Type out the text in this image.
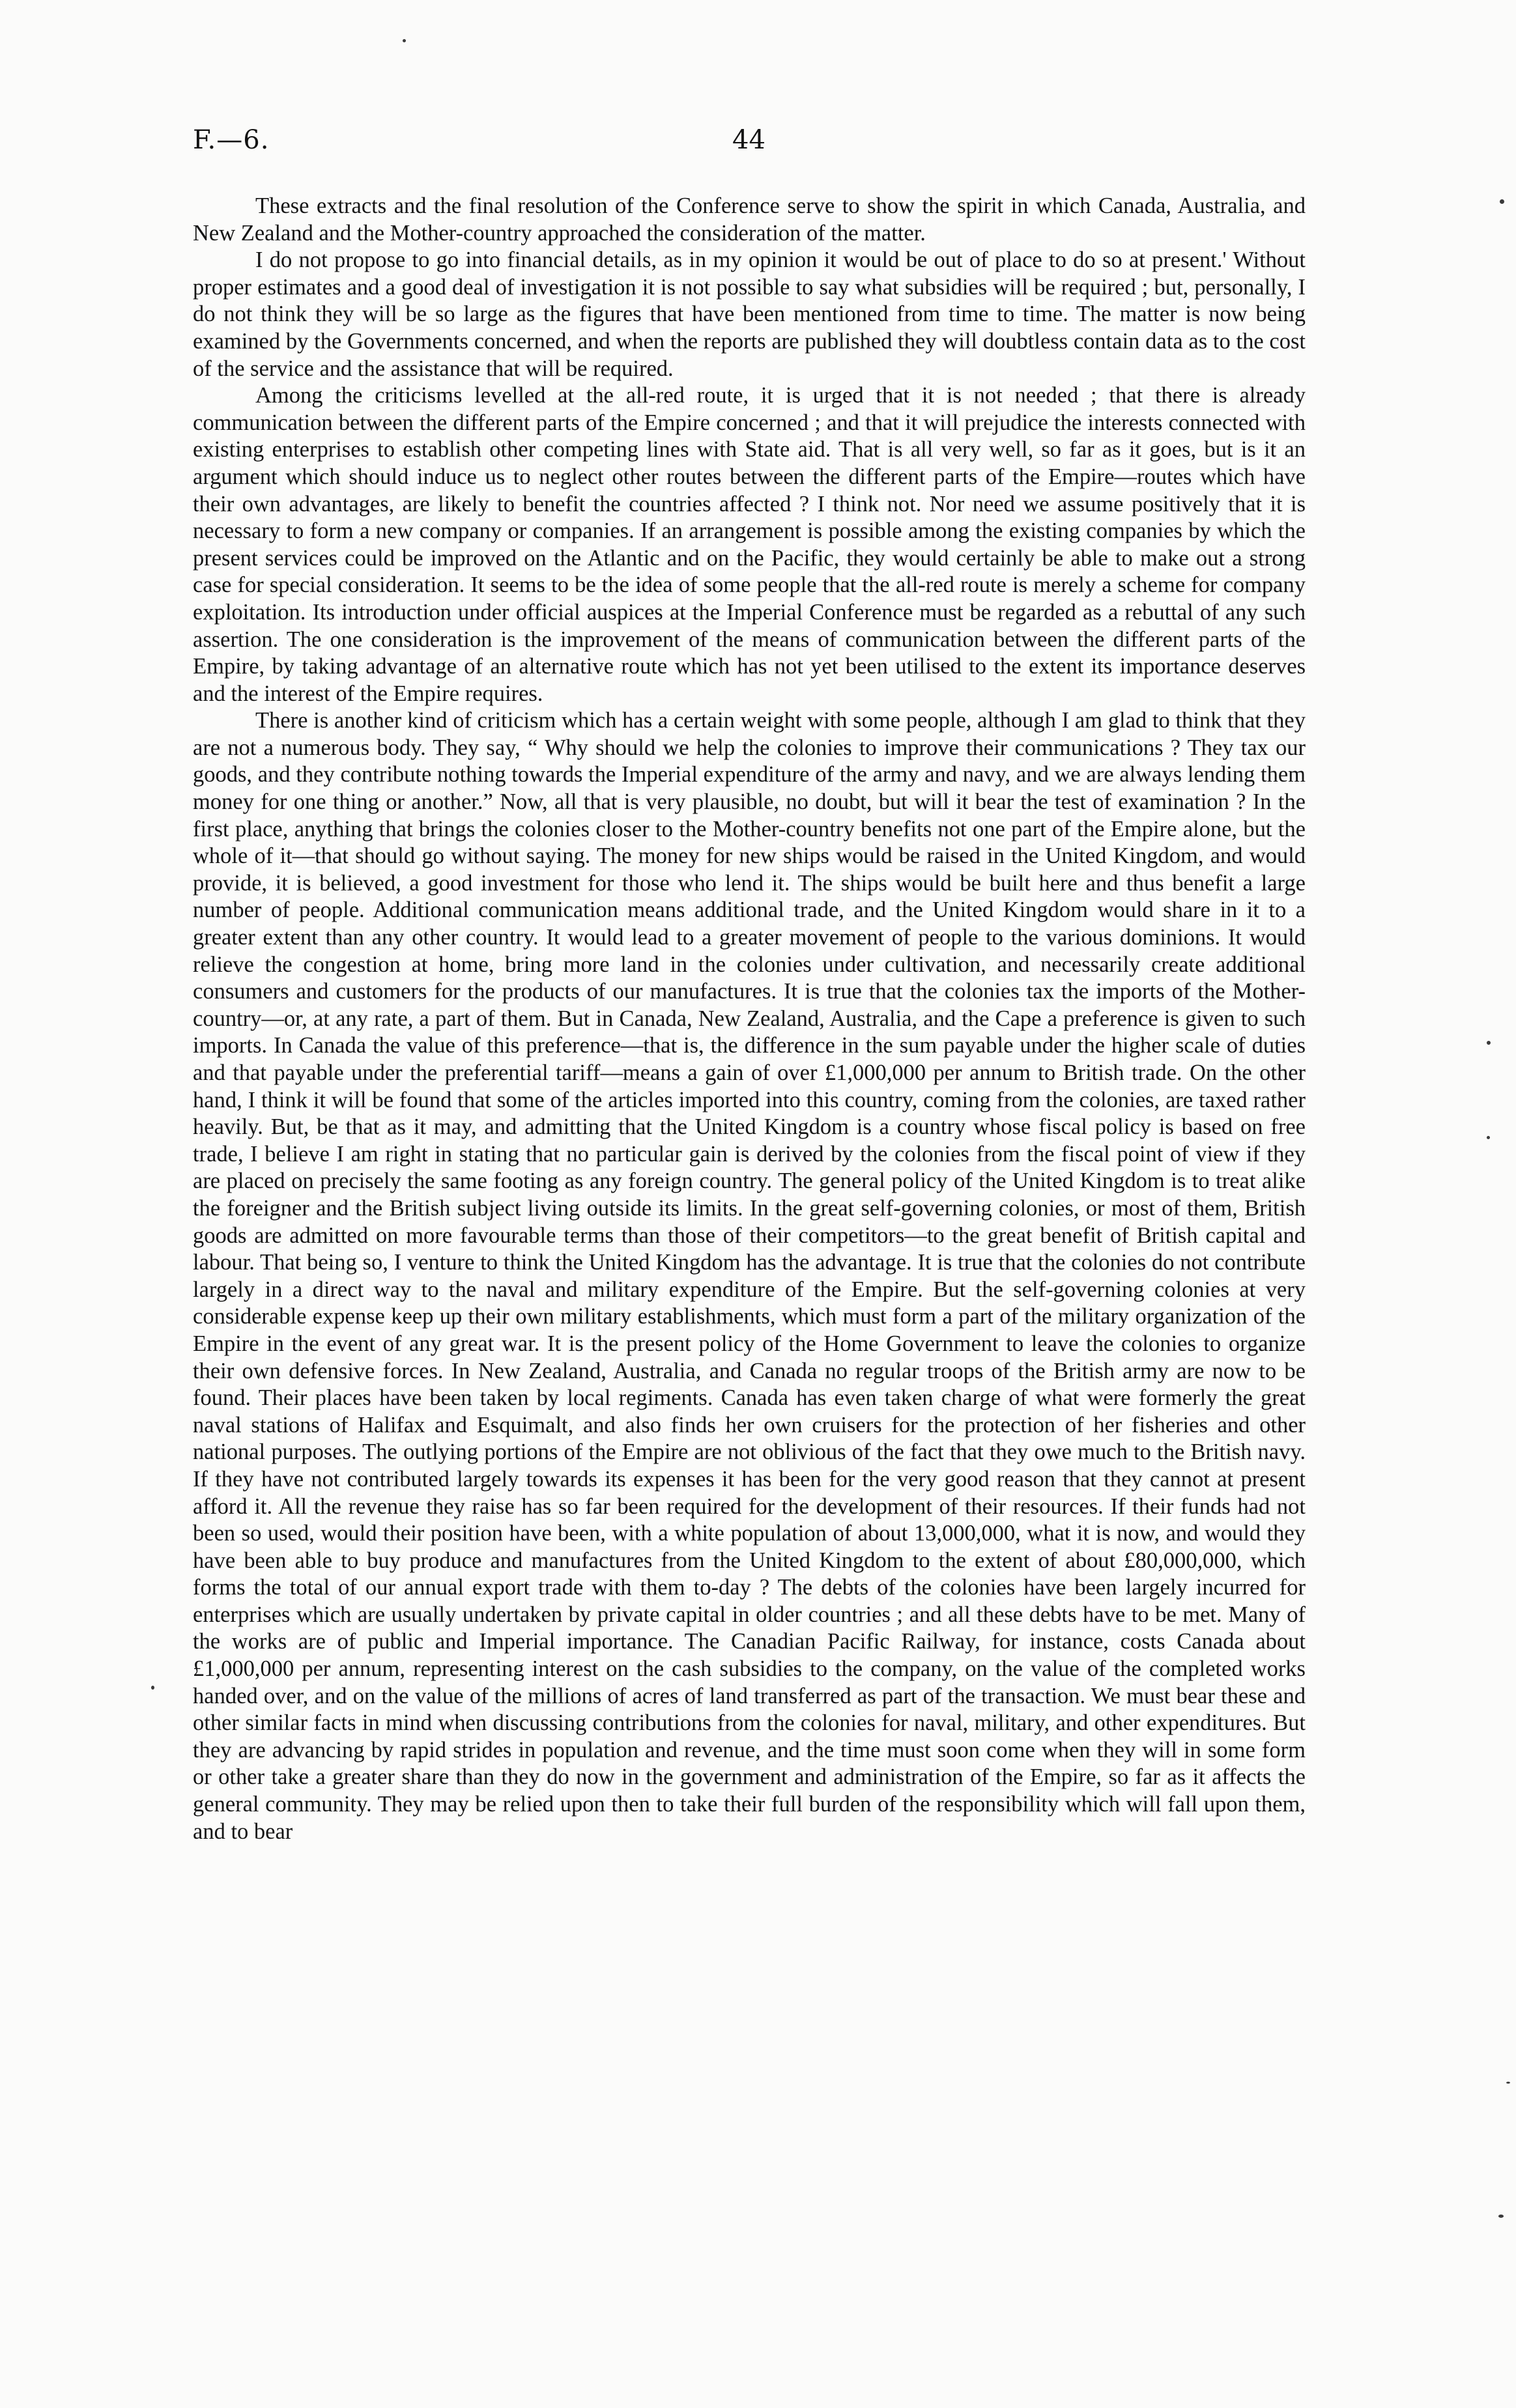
F.—6.	44

These extracts and the final resolution of the Conference serve to show the spirit in which Canada, Australia, and New Zealand and the Mother-country approached the consideration of the matter.

I do not propose to go into financial details, as in my opinion it would be out of place to do so at present.' Without proper estimates and a good deal of investigation it is not possible to say what subsidies will be required ; but, personally, I do not think they will be so large as the figures that have been mentioned from time to time. The matter is now being examined by the Governments concerned, and when the reports are published they will doubtless contain data as to the cost of the service and the assistance that will be required.

Among the criticisms levelled at the all-red route, it is urged that it is not needed ; that there is already communication between the different parts of the Empire concerned ; and that it will prejudice the interests connected with existing enterprises to establish other competing lines with State aid. That is all very well, so far as it goes, but is it an argument which should induce us to neglect other routes between the different parts of the Empire—routes which have their own advantages, are likely to benefit the countries affected ? I think not. Nor need we assume positively that it is necessary to form a new company or companies. If an arrangement is possible among the existing companies by which the present services could be improved on the Atlantic and on the Pacific, they would certainly be able to make out a strong case for special consideration. It seems to be the idea of some people that the all-red route is merely a scheme for company exploitation. Its introduction under official auspices at the Imperial Conference must be regarded as a rebuttal of any such assertion. The one consideration is the improvement of the means of communication between the different parts of the Empire, by taking advantage of an alternative route which has not yet been utilised to the extent its importance deserves and the interest of the Empire requires.

There is another kind of criticism which has a certain weight with some people, although I am glad to think that they are not a numerous body. They say, “ Why should we help the colonies to improve their communications ? They tax our goods, and they contribute nothing towards the Imperial expenditure of the army and navy, and we are always lending them money for one thing or another.” Now, all that is very plausible, no doubt, but will it bear the test of examination ? In the first place, anything that brings the colonies closer to the Mother-country benefits not one part of the Empire alone, but the whole of it—that should go without saying. The money for new ships would be raised in the United Kingdom, and would provide, it is believed, a good investment for those who lend it. The ships would be built here and thus benefit a large number of people. Additional communication means additional trade, and the United Kingdom would share in it to a greater extent than any other country. It would lead to a greater movement of people to the various dominions. It would relieve the congestion at home, bring more land in the colonies under cultivation, and necessarily create additional consumers and customers for the products of our manufactures. It is true that the colonies tax the imports of the Mother-country—or, at any rate, a part of them. But in Canada, New Zealand, Australia, and the Cape a preference is given to such imports. In Canada the value of this preference—that is, the difference in the sum payable under the higher scale of duties and that payable under the preferential tariff—means a gain of over £1,000,000 per annum to British trade. On the other hand, I think it will be found that some of the articles imported into this country, coming from the colonies, are taxed rather heavily. But, be that as it may, and admitting that the United Kingdom is a country whose fiscal policy is based on free trade, I believe I am right in stating that no particular gain is derived by the colonies from the fiscal point of view if they are placed on precisely the same footing as any foreign country. The general policy of the United Kingdom is to treat alike the foreigner and the British subject living outside its limits. In the great self-governing colonies, or most of them, British goods are admitted on more favourable terms than those of their competitors—to the great benefit of British capital and labour. That being so, I venture to think the United Kingdom has the advantage. It is true that the colonies do not contribute largely in a direct way to the naval and military expenditure of the Empire. But the self-governing colonies at very considerable expense keep up their own military establishments, which must form a part of the military organization of the Empire in the event of any great war. It is the present policy of the Home Government to leave the colonies to organize their own defensive forces. In New Zealand, Australia, and Canada no regular troops of the British army are now to be found. Their places have been taken by local regiments. Canada has even taken charge of what were formerly the great naval stations of Halifax and Esquimalt, and also finds her own cruisers for the protection of her fisheries and other national purposes. The outlying portions of the Empire are not oblivious of the fact that they owe much to the British navy. If they have not contributed largely towards its expenses it has been for the very good reason that they cannot at present afford it. All the revenue they raise has so far been required for the development of their resources. If their funds had not been so used, would their position have been, with a white population of about 13,000,000, what it is now, and would they have been able to buy produce and manufactures from the United Kingdom to the extent of about £80,000,000, which forms the total of our annual export trade with them to-day ? The debts of the colonies have been largely incurred for enterprises which are usually undertaken by private capital in older countries ; and all these debts have to be met. Many of the works are of public and Imperial importance. The Canadian Pacific Railway, for instance, costs Canada about £1,000,000 per annum, representing interest on the cash subsidies to the company, on the value of the completed works handed over, and on the value of the millions of acres of land transferred as part of the transaction. We must bear these and other similar facts in mind when discussing contributions from the colonies for naval, military, and other expenditures. But they are advancing by rapid strides in population and revenue, and the time must soon come when they will in some form or other take a greater share than they do now in the government and administration of the Empire, so far as it affects the general community. They may be relied upon then to take their full burden of the responsibility which will fall upon them, and to bear
